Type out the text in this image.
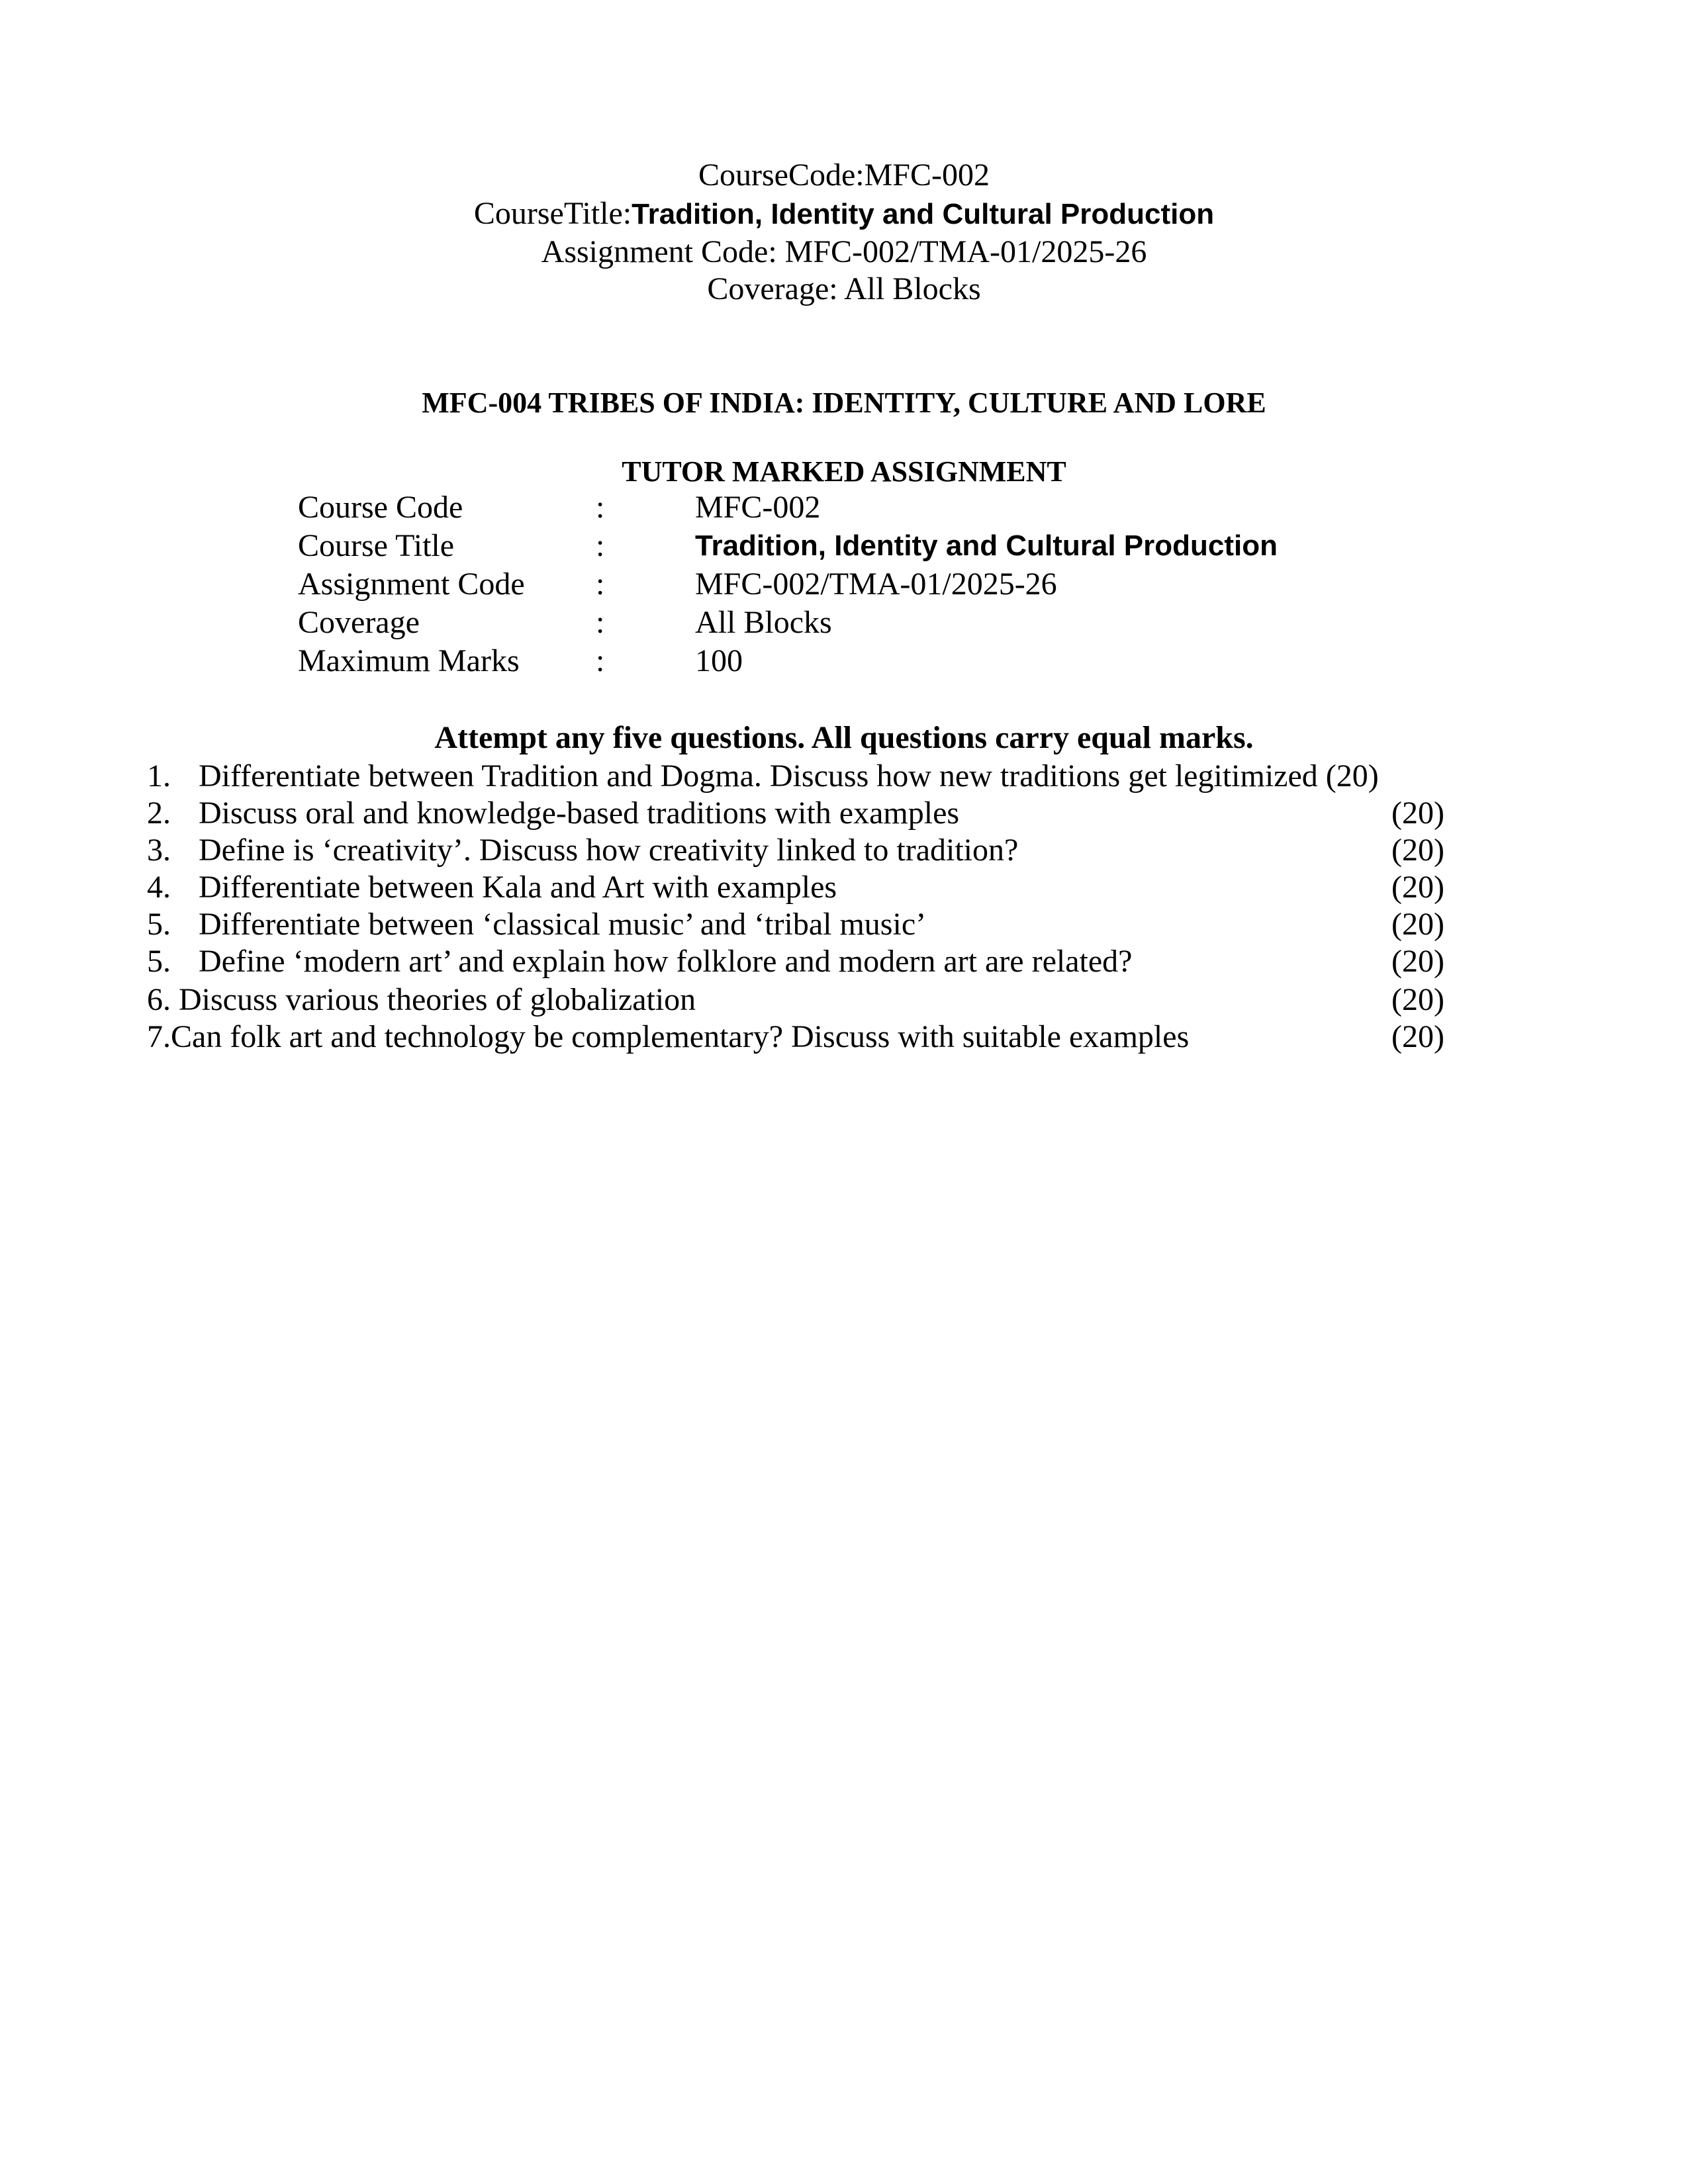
CourseCode:MFC-002
CourseTitle:Tradition, Identity and Cultural Production
Assignment Code: MFC-002/TMA-01/2025-26
Coverage: All Blocks
MFC-004 TRIBES OF INDIA: IDENTITY, CULTURE AND LORE
TUTOR MARKED ASSIGNMENT
Course Code	:	MFC-002
Course Title	:	Tradition, Identity and Cultural Production
Assignment Code :	MFC-002/TMA-01/2025-26
Coverage	:	All Blocks
Maximum Marks :	100
Attempt any five questions. All questions carry equal marks.
1. Differentiate between Tradition and Dogma. Discuss how new traditions get legitimized (20)
2. Discuss oral and knowledge-based traditions with examples	(20)
3. Define is ‘creativity’. Discuss how creativity linked to tradition?	(20)
4. Differentiate between Kala and Art with examples	(20)
5. Differentiate between ‘classical music’ and ‘tribal music’	(20)
5. Define ‘modern art’ and explain how folklore and modern art are related?	(20)
6. Discuss various theories of globalization	(20)
7.Can folk art and technology be complementary? Discuss with suitable examples	(20)
